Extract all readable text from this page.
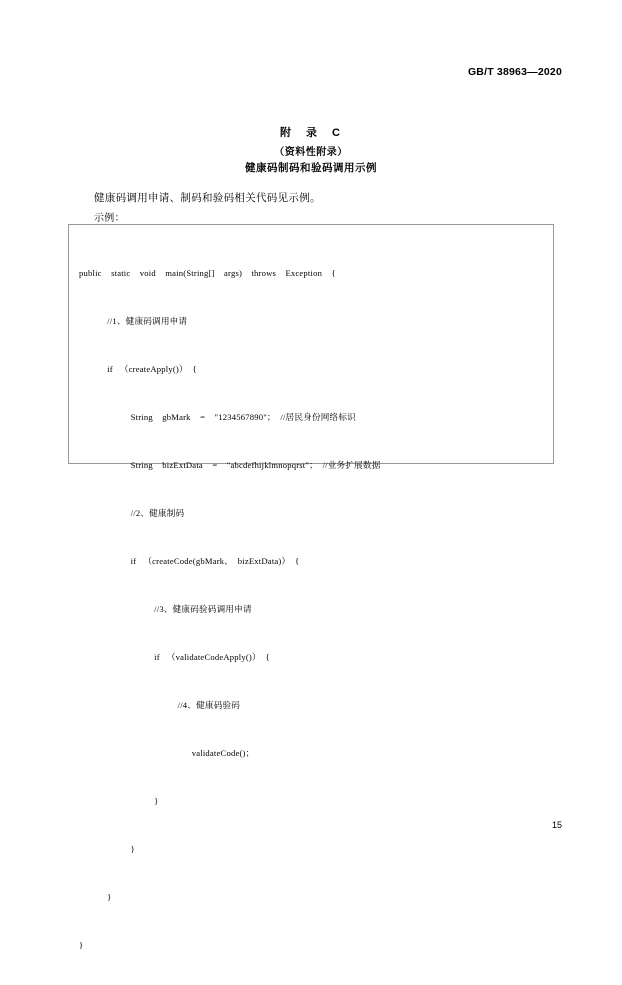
GB/T 38963—2020
附　录　C
（资料性附录）
健康码制码和验码调用示例
健康码调用申请、制码和验码相关代码见示例。
示例：

public    static    void    main(String[]    args)    throws    Exception    {

//1、健康码调用申请

if   （createApply()）  {

String    gbMark    =    "1234567890"；  //居民身份网络标识

String    bizExtData    =    "abcdefhijklmnopqrst"；  //业务扩展数据

//2、健康制码

if   （createCode(gbMark、  bizExtData)）  {

//3、健康码验码调用申请

if   （validateCodeApply()）  {

//4、健康码验码

validateCode()；

}

}

}

}

15
